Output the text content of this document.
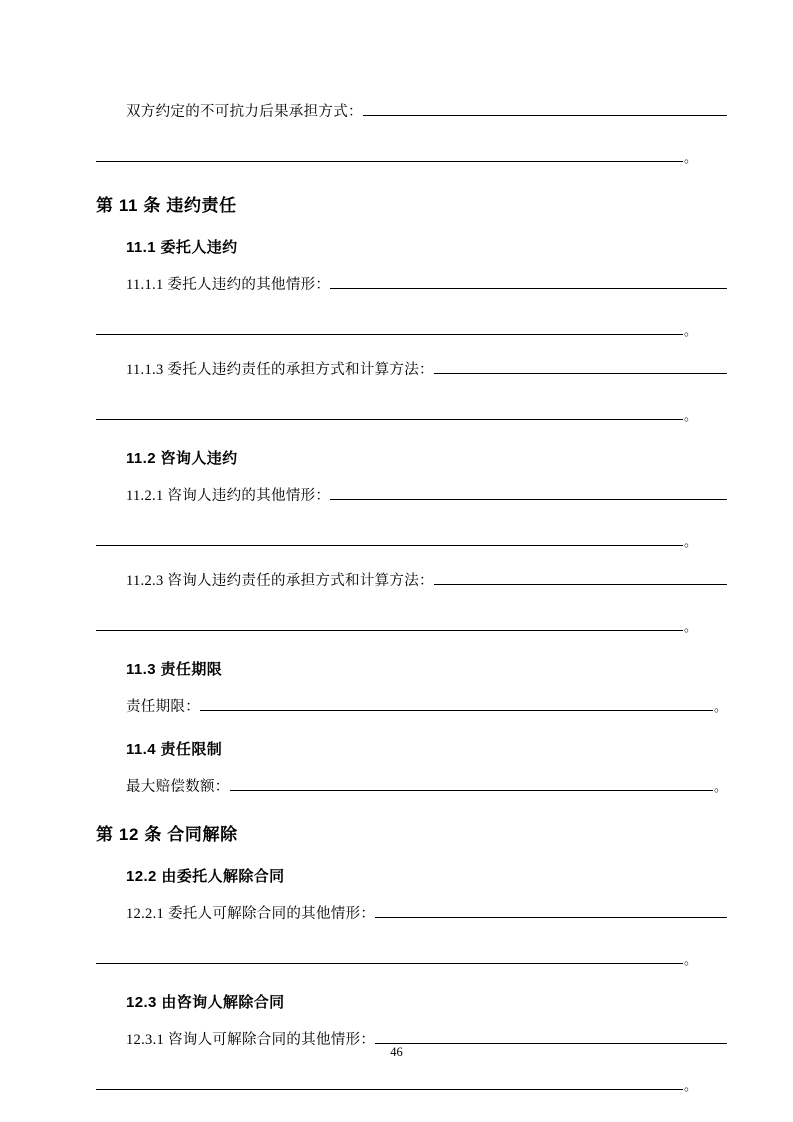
双方约定的不可抗力后果承担方式：
。
第 11 条 违约责任
11.1 委托人违约
11.1.1 委托人违约的其他情形：
。
11.1.3 委托人违约责任的承担方式和计算方法：
。
11.2 咨询人违约
11.2.1 咨询人违约的其他情形：
。
11.2.3 咨询人违约责任的承担方式和计算方法：
。
11.3 责任期限
责任期限：	。
11.4 责任限制
最大赔偿数额：	。
第 12 条 合同解除
12.2 由委托人解除合同
12.2.1 委托人可解除合同的其他情形：
。
12.3 由咨询人解除合同
12.3.1 咨询人可解除合同的其他情形：
。
46
